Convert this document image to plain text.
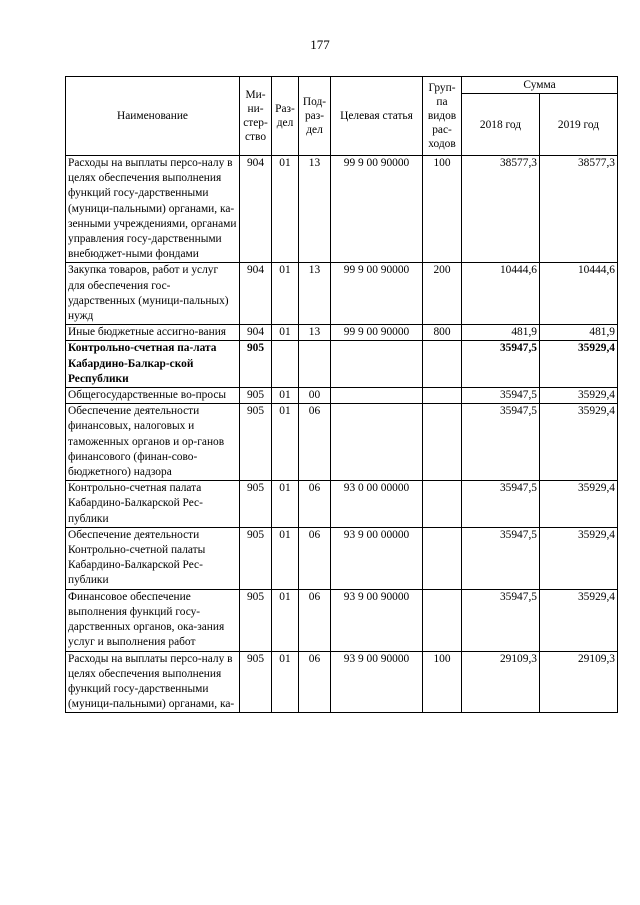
177
Наименование	Ми-ни-стер-ство	Раз-дел	Под-раз-дел	Целевая статья	Груп-па видов рас-ходов	Сумма	
						2018 год	2019 год
Расходы на выплаты персо-налу в целях обеспечения выполнения функций госу-дарственными (муници-пальными) органами, ка-зенными учреждениями, органами управления госу-дарственными внебюджет-ными фондами	904	01	13	99 9 00 90000	100	38577,3	38577,3
Закупка товаров, работ и услуг для обеспечения гос-ударственных (муници-пальных) нужд	904	01	13	99 9 00 90000	200	10444,6	10444,6
Иные бюджетные ассигно-вания	904	01	13	99 9 00 90000	800	481,9	481,9
Контрольно-счетная па-лата Кабардино-Балкар-ской Республики	905					35947,5	35929,4
Общегосударственные во-просы	905	01	00			35947,5	35929,4
Обеспечение деятельности финансовых, налоговых и таможенных органов и ор-ганов финансового (финан-сово-бюджетного) надзора	905	01	06			35947,5	35929,4
Контрольно-счетная палата Кабардино-Балкарской Рес-публики	905	01	06	93 0 00 00000		35947,5	35929,4
Обеспечение деятельности Контрольно-счетной палаты Кабардино-Балкарской Рес-публики	905	01	06	93 9 00 00000		35947,5	35929,4
Финансовое обеспечение выполнения функций госу-дарственных органов, ока-зания услуг и выполнения работ	905	01	06	93 9 00 90000		35947,5	35929,4
Расходы на выплаты персо-налу в целях обеспечения выполнения функций госу-дарственными (муници-пальными) органами, ка-	905	01	06	93 9 00 90000	100	29109,3	29109,3
